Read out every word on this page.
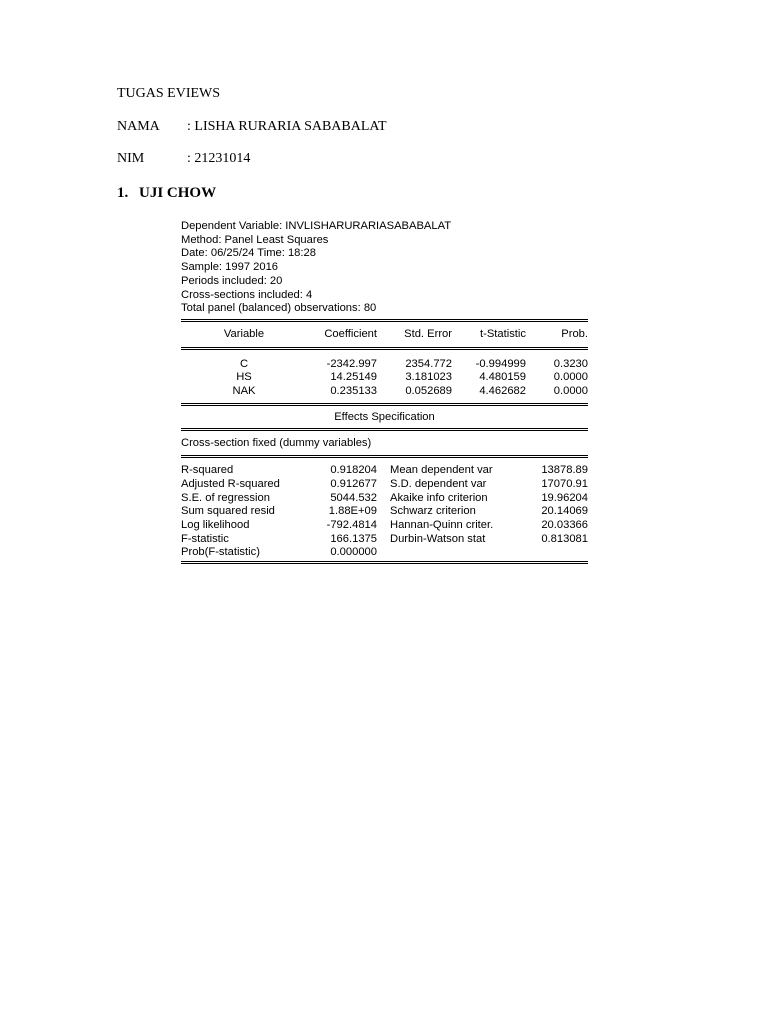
TUGAS EVIEWS
NAMA : LISHA RURARIA SABABALAT
NIM	: 21231014
1. UJI CHOW
Dependent Variable: INVLISHARURARIASABABALAT
Method: Panel Least Squares
Date: 06/25/24 Time: 18:28
Sample: 1997 2016
Periods included: 20
Cross-sections included: 4
Total panel (balanced) observations: 80
Variable	Coefficient	Std. Error	t-Statistic	Prob.
C	-2342.997	2354.772	-0.994999	0.3230
HS	14.25149	3.181023	4.480159	0.0000
NAK	0.235133	0.052689	4.462682	0.0000
Effects Specification
Cross-section fixed (dummy variables)
R-squared	0.918204	Mean dependent var	13878.89
Adjusted R-squared	0.912677	S.D. dependent var	17070.91
S.E. of regression	5044.532	Akaike info criterion	19.96204
Sum squared resid	1.88E+09	Schwarz criterion	20.14069
Log likelihood	-792.4814	Hannan-Quinn criter.	20.03366
F-statistic	166.1375	Durbin-Watson stat	0.813081
Prob(F-statistic)	0.000000		
